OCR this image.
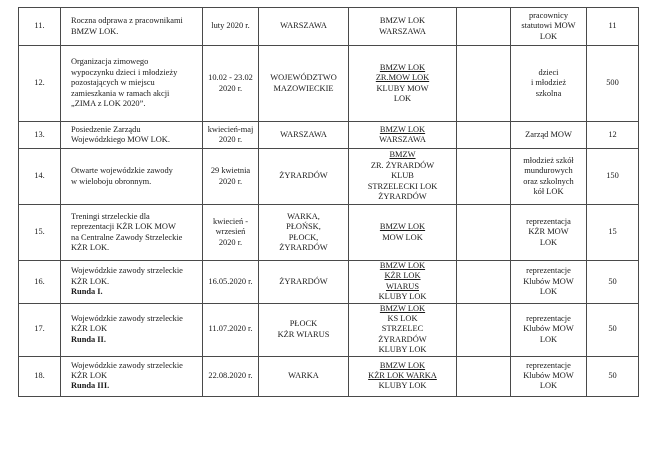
11.	Roczna odprawa z pracownikami
BMZW LOK.	luty 2020 r.	WARSZAWA	BMZW LOK
WARSZAWA		pracownicy
statutowi MOW
LOK	11
12.	Organizacja zimowego
wypoczynku dzieci i młodzieży
pozostających w miejscu
zamieszkania w ramach akcji
„ZIMA z LOK 2020”.	10.02 - 23.02
2020 r.	WOJEWÓDZTWO
MAZOWIECKIE	BMZW LOK
ZR.MOW LOK
KLUBY MOW
LOK		dzieci
i młodzież
szkolna	500
13.	Posiedzenie Zarządu
Wojewódzkiego MOW LOK.	kwiecień-maj
2020 r.	WARSZAWA	BMZW LOK
WARSZAWA		Zarząd MOW	12
14.	Otwarte wojewódzkie zawody
w wieloboju obronnym.	29 kwietnia
2020 r.	ŻYRARDÓW	BMZW
ZR. ŻYRARDÓW
KLUB
STRZELECKI LOK
ŻYRARDÓW		młodzież szkół
mundurowych
oraz szkolnych
kół LOK	150
15.	Treningi strzeleckie dla
reprezentacji KŻR LOK MOW
na Centralne Zawody Strzeleckie
KŻR LOK.	kwiecień -
wrzesień
2020 r.	WARKA,
PŁOŃSK,
PŁOCK,
ŻYRARDÓW	BMZW LOK
MOW LOK		reprezentacja
KŻR MOW
LOK	15
16.	Wojewódzkie zawody strzeleckie
KŻR LOK.
Runda I.	16.05.2020 r.	ŻYRARDÓW	BMZW LOK
KŻR LOK
WIARUS
KLUBY LOK		reprezentacje
Klubów MOW
LOK	50
17.	Wojewódzkie zawody strzeleckie
KŻR LOK
Runda II.	11.07.2020 r.	PŁOCK
KŻR WIARUS	BMZW LOK
KS LOK
STRZELEC
ŻYRARDÓW
KLUBY LOK		reprezentacje
Klubów MOW
LOK	50
18.	Wojewódzkie zawody strzeleckie
KŻR LOK
Runda III.	22.08.2020 r.	WARKA	BMZW LOK
KŻR LOK WARKA
KLUBY LOK		reprezentacje
Klubów MOW
LOK	50
